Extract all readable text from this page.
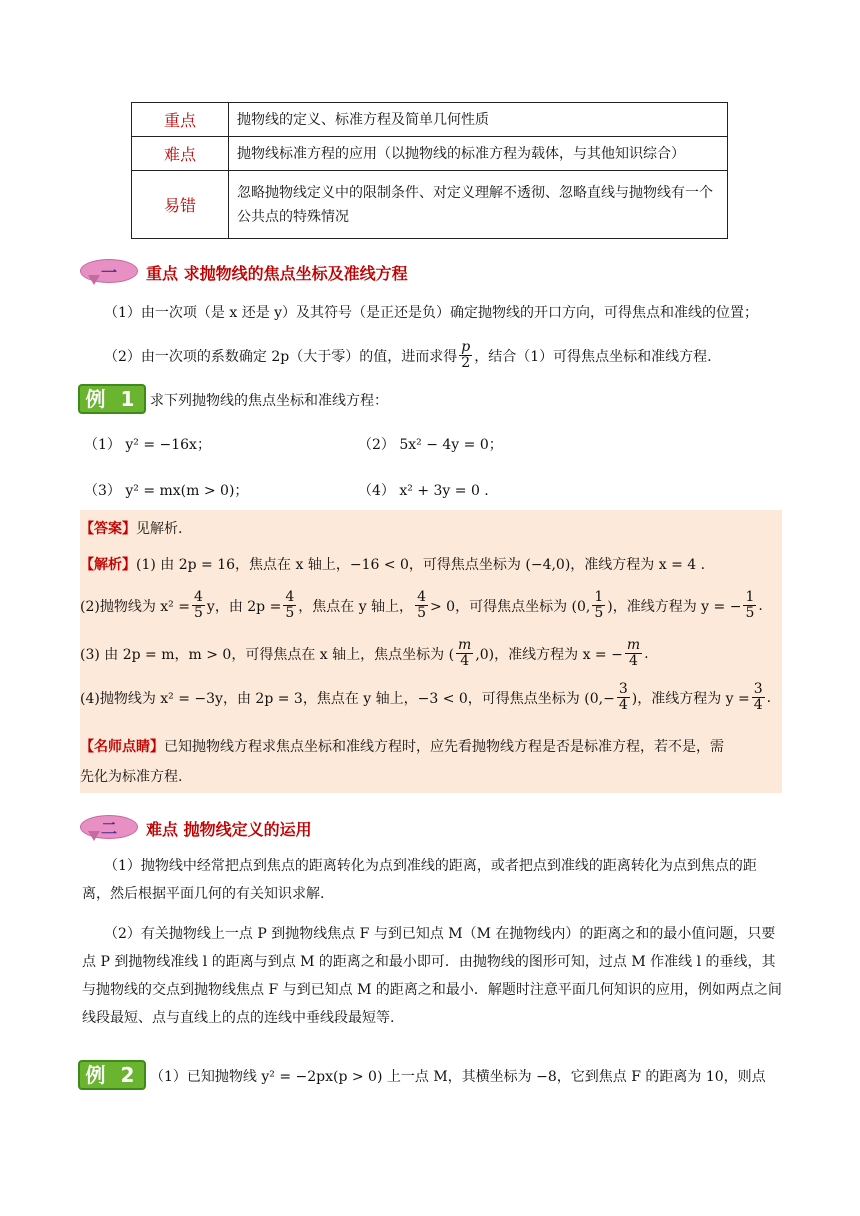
重点	抛物线的定义、标准方程及简单几何性质
难点	抛物线标准方程的应用（以抛物线的标准方程为载体，与其他知识综合）
易错	忽略抛物线定义中的限制条件、对定义理解不透彻、忽略直线与抛物线有一个公共点的特殊情况
一	重点 求抛物线的焦点坐标及准线方程
（1）由一次项（是 x 还是 y）及其符号（是正还是负）确定抛物线的开口方向，可得焦点和准线的位置；
（2）由一次项的系数确定 2p（大于零）的值，进而求得 $\frac{p}{2}$ ，结合（1）可得焦点坐标和准线方程.
例 1 求下列抛物线的焦点坐标和准线方程：
（1） y² = −16x；	（2） 5x² − 4y = 0；
（3） y² = mx(m > 0)；	（4） x² + 3y = 0 .
【答案】见解析.
【解析】(1) 由 2p = 16，焦点在 x 轴上，−16 < 0，可得焦点坐标为 (−4,0)，准线方程为 x = 4 .
(2)抛物线为 $x^2 = \frac{4}{5}$ y，由 $2p = \frac{4}{5}$ ，焦点在 y 轴上， $\frac{4}{5} > 0$，可得焦点坐标为 (0, $\frac{1}{5}$ )，准线方程为 y = − $\frac{1}{5}$ .
(3) 由 2p = m，m > 0，可得焦点在 x 轴上，焦点坐标为 ( $\frac{m}{4} ,0$)，准线方程为 x = − $\frac{m}{4}$ .
(4)抛物线为 x² = −3y，由 2p = 3，焦点在 y 轴上，−3 < 0，可得焦点坐标为 ($0,- \frac{3}{4}$ )，准线方程为 $y = \frac{3}{4}$ .
【名师点睛】已知抛物线方程求焦点坐标和准线方程时，应先看抛物线方程是否是标准方程，若不是，需
先化为标准方程.
二	难点 抛物线定义的运用
（1）抛物线中经常把点到焦点的距离转化为点到准线的距离，或者把点到准线的距离转化为点到焦点的距离，然后根据平面几何的有关知识求解.
（2）有关抛物线上一点 P 到抛物线焦点 F 与到已知点 M（M 在抛物线内）的距离之和的最小值问题，只要点 P 到抛物线准线 l 的距离与到点 M 的距离之和最小即可．由抛物线的图形可知，过点 M 作准线 l 的垂线，其与抛物线的交点到抛物线焦点 F 与到已知点 M 的距离之和最小．解题时注意平面几何知识的应用，例如两点之间线段最短、点与直线上的点的连线中垂线段最短等.
例 2 （1）已知抛物线 y² = −2px(p > 0) 上一点 M，其横坐标为 −8，它到焦点 F 的距离为 10，则点
